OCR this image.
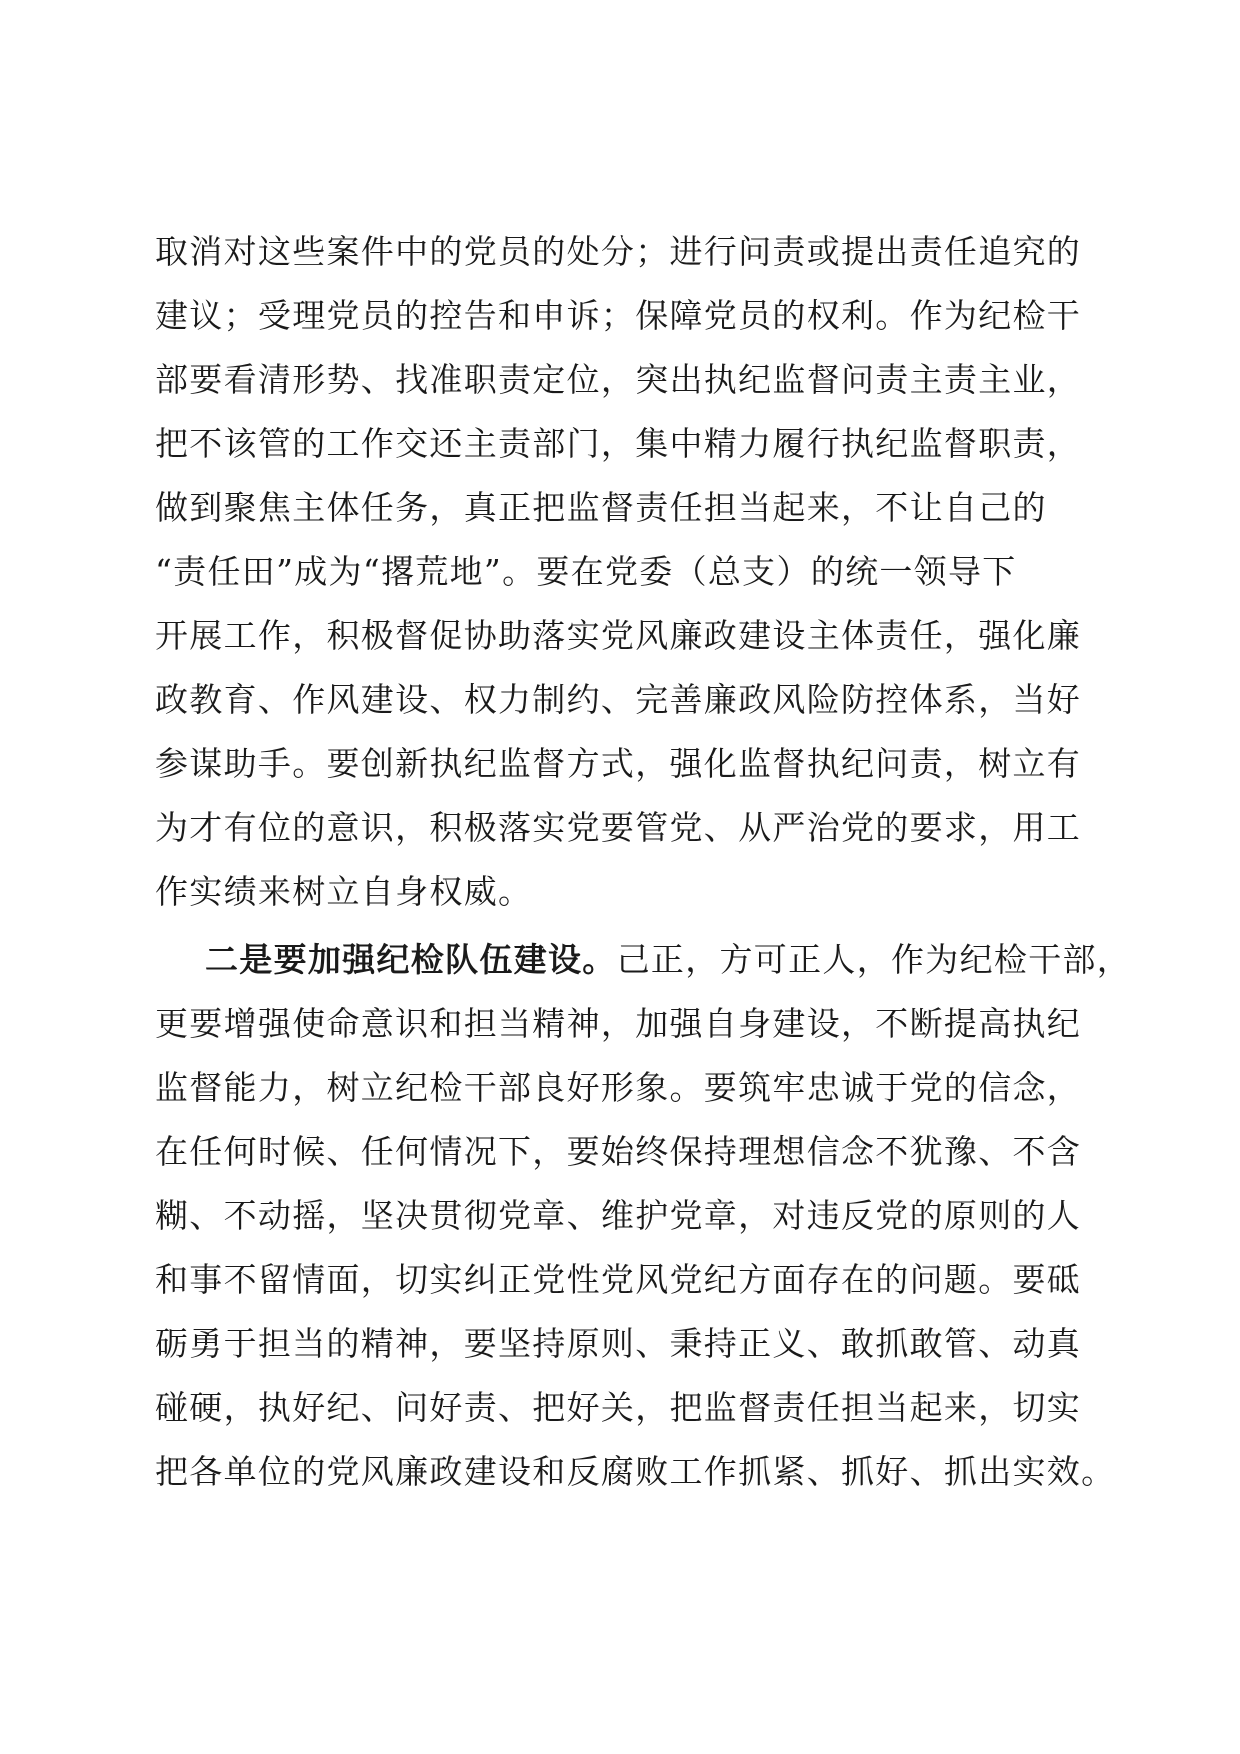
取消对这些案件中的党员的处分；进行问责或提出责任追究的
建议；受理党员的控告和申诉；保障党员的权利。作为纪检干
部要看清形势、找准职责定位，突出执纪监督问责主责主业，
把不该管的工作交还主责部门，集中精力履行执纪监督职责，
做到聚焦主体任务，真正把监督责任担当起来，不让自己的
“责任田”成为“撂荒地”。要在党委（总支）的统一领导下
开展工作，积极督促协助落实党风廉政建设主体责任，强化廉
政教育、作风建设、权力制约、完善廉政风险防控体系，当好
参谋助手。要创新执纪监督方式，强化监督执纪问责，树立有
为才有位的意识，积极落实党要管党、从严治党的要求，用工
作实绩来树立自身权威。
二是要加强纪检队伍建设。己正，方可正人，作为纪检干部，
更要增强使命意识和担当精神，加强自身建设，不断提高执纪
监督能力，树立纪检干部良好形象。要筑牢忠诚于党的信念，
在任何时候、任何情况下，要始终保持理想信念不犹豫、不含
糊、不动摇，坚决贯彻党章、维护党章，对违反党的原则的人
和事不留情面，切实纠正党性党风党纪方面存在的问题。要砥
砺勇于担当的精神，要坚持原则、秉持正义、敢抓敢管、动真
碰硬，执好纪、问好责、把好关，把监督责任担当起来，切实
把各单位的党风廉政建设和反腐败工作抓紧、抓好、抓出实效。
